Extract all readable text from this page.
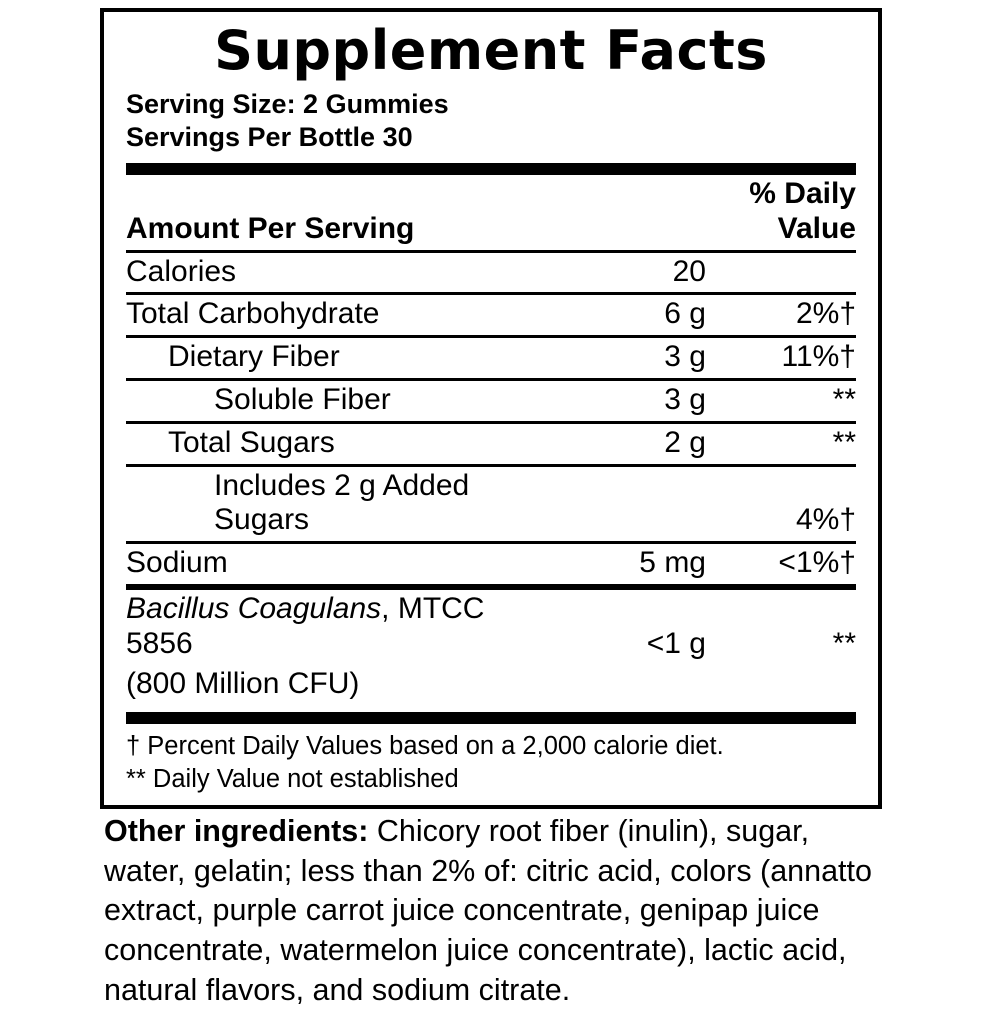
Supplement Facts
Serving Size: 2 Gummies
Servings Per Bottle 30
Amount Per Serving		% Daily Value
Calories	20	
Total Carbohydrate	6 g	2%†
Dietary Fiber	3 g	11%†
Soluble Fiber	3 g	**
Total Sugars	2 g	**
Includes 2 g Added Sugars		4%†
Sodium	5 mg	<1%†
Bacillus Coagulans, MTCC 5856	<1 g	**
(800 Million CFU)		
† Percent Daily Values based on a 2,000 calorie diet.
** Daily Value not established
Other ingredients: Chicory root fiber (inulin), sugar, water, gelatin; less than 2% of: citric acid, colors (annatto extract, purple carrot juice concentrate, genipap juice concentrate, watermelon juice concentrate), lactic acid, natural flavors, and sodium citrate.
